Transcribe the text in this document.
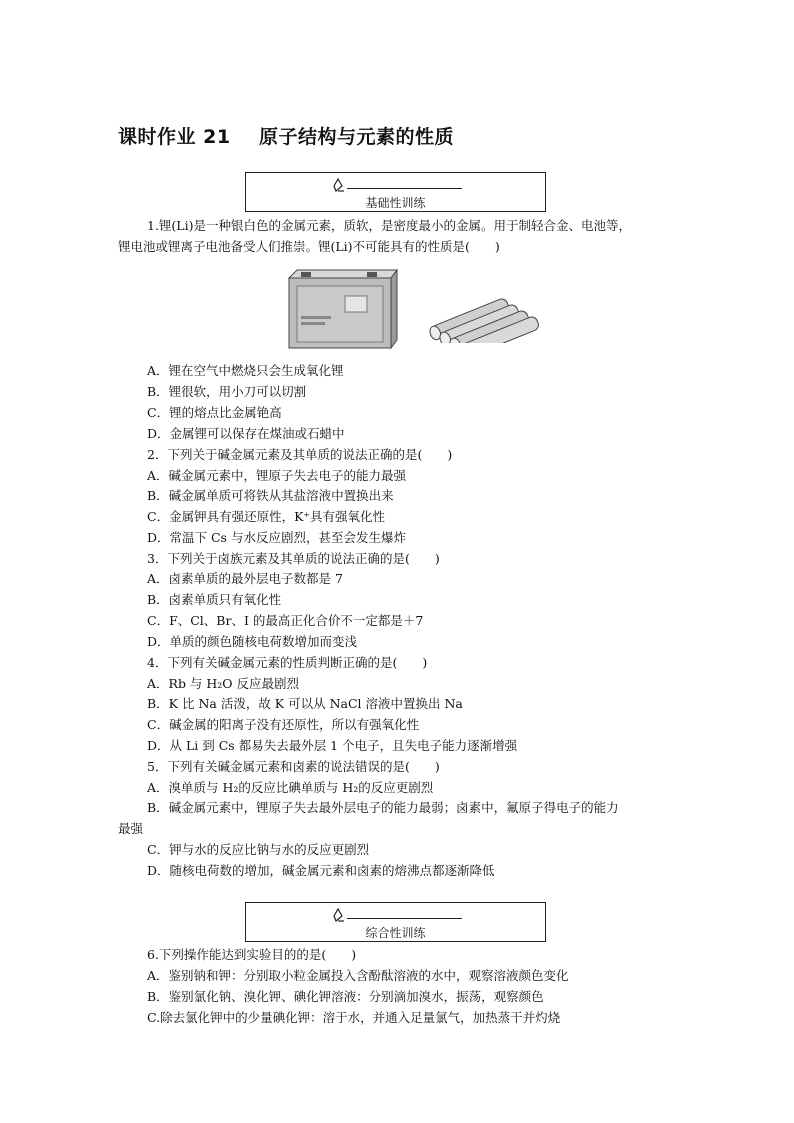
课时作业 21    原子结构与元素的性质
基础性训练
1.锂(Li)是一种银白色的金属元素，质软，是密度最小的金属。用于制轻合金、电池等，
锂电池或锂离子电池备受人们推崇。锂(Li)不可能具有的性质是(　　)
A．锂在空气中燃烧只会生成氧化锂
B．锂很软，用小刀可以切割
C．锂的熔点比金属铯高
D．金属锂可以保存在煤油或石蜡中
2．下列关于碱金属元素及其单质的说法正确的是(　　)
A．碱金属元素中，锂原子失去电子的能力最强
B．碱金属单质可将铁从其盐溶液中置换出来
C．金属钾具有强还原性，K⁺具有强氧化性
D．常温下 Cs 与水反应剧烈，甚至会发生爆炸
3．下列关于卤族元素及其单质的说法正确的是(　　)
A．卤素单质的最外层电子数都是 7
B．卤素单质只有氧化性
C．F、Cl、Br、I 的最高正化合价不一定都是＋7
D．单质的颜色随核电荷数增加而变浅
4．下列有关碱金属元素的性质判断正确的是(　　)
A．Rb 与 H₂O 反应最剧烈
B．K 比 Na 活泼，故 K 可以从 NaCl 溶液中置换出 Na
C．碱金属的阳离子没有还原性，所以有强氧化性
D．从 Li 到 Cs 都易失去最外层 1 个电子，且失电子能力逐渐增强
5．下列有关碱金属元素和卤素的说法错误的是(　　)
A．溴单质与 H₂的反应比碘单质与 H₂的反应更剧烈
B．碱金属元素中，锂原子失去最外层电子的能力最弱；卤素中，氟原子得电子的能力
最强
C．钾与水的反应比钠与水的反应更剧烈
D．随核电荷数的增加，碱金属元素和卤素的熔沸点都逐渐降低
综合性训练
6.下列操作能达到实验目的的是(　　)
A．鉴别钠和钾：分别取小粒金属投入含酚酞溶液的水中，观察溶液颜色变化
B．鉴别氯化钠、溴化钾、碘化钾溶液：分别滴加溴水，振荡，观察颜色
C.除去氯化钾中的少量碘化钾：溶于水，并通入足量氯气，加热蒸干并灼烧
